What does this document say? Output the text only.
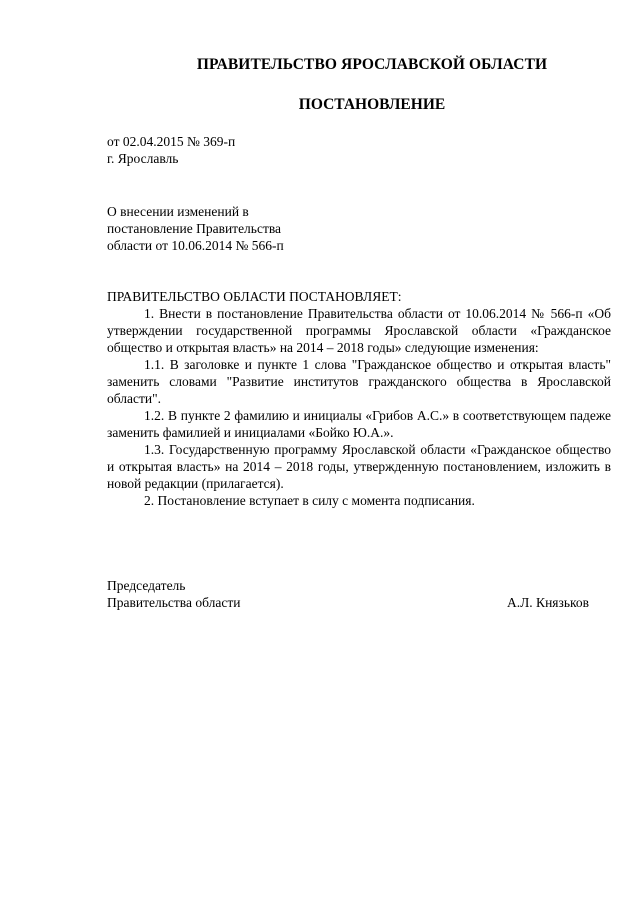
ПРАВИТЕЛЬСТВО ЯРОСЛАВСКОЙ ОБЛАСТИ
ПОСТАНОВЛЕНИЕ
от 02.04.2015 № 369-п
г. Ярославль
О внесении изменений в
постановление Правительства
области от 10.06.2014 № 566-п

ПРАВИТЕЛЬСТВО ОБЛАСТИ ПОСТАНОВЛЯЕТ:

1. Внести в постановление Правительства области от 10.06.2014 № 566-п «Об утверждении государственной программы Ярославской области «Гражданское общество и открытая власть» на 2014 – 2018 годы» следующие изменения:

1.1. В заголовке и пункте 1 слова "Гражданское общество и открытая власть" заменить словами "Развитие институтов гражданского общества в Ярославской области".

1.2. В пункте 2 фамилию и инициалы «Грибов А.С.» в соответствующем падеже заменить фамилией и инициалами «Бойко Ю.А.».

1.3. Государственную программу Ярославской области «Гражданское общество и открытая власть» на 2014 – 2018 годы, утвержденную постановлением, изложить в новой редакции (прилагается).

2. Постановление вступает в силу с момента подписания.

Председатель
Правительства области	А.Л. Князьков
